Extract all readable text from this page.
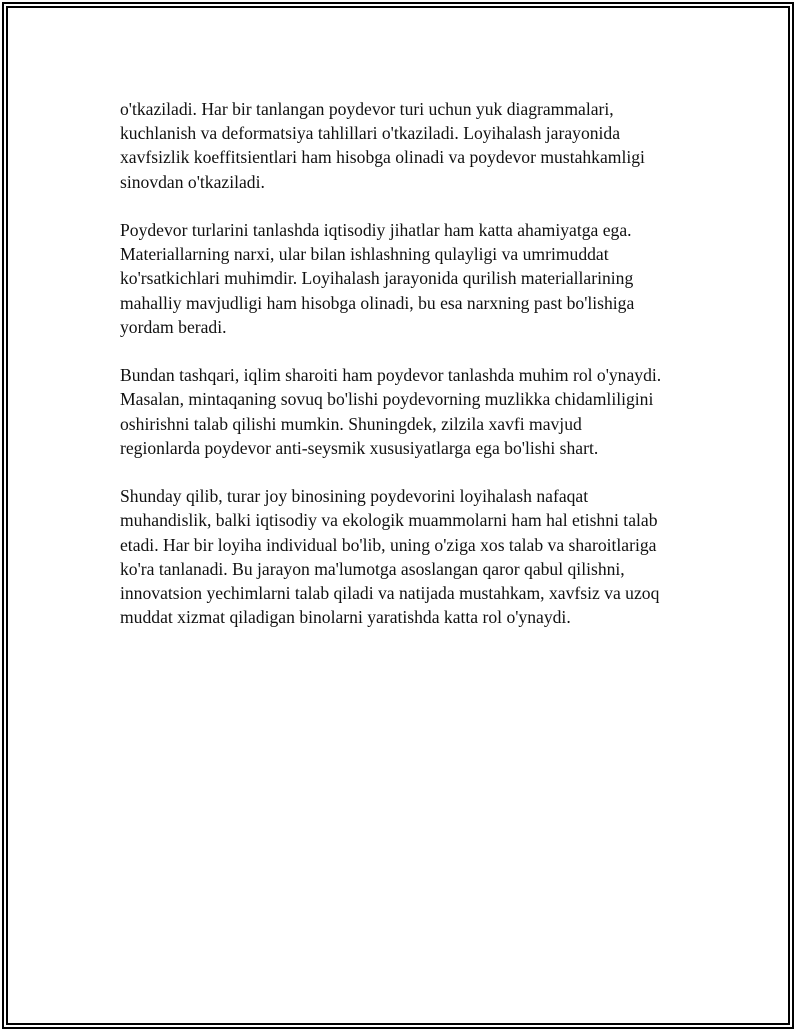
o'tkaziladi. Har bir tanlangan poydevor turi uchun yuk diagrammalari,
kuchlanish va deformatsiya tahlillari o'tkaziladi. Loyihalash jarayonida
xavfsizlik koeffitsientlari ham hisobga olinadi va poydevor mustahkamligi
sinovdan o'tkaziladi.

Poydevor turlarini tanlashda iqtisodiy jihatlar ham katta ahamiyatga ega.
Materiallarning narxi, ular bilan ishlashning qulayligi va umrimuddat
ko'rsatkichlari muhimdir. Loyihalash jarayonida qurilish materiallarining
mahalliy mavjudligi ham hisobga olinadi, bu esa narxning past bo'lishiga
yordam beradi.

Bundan tashqari, iqlim sharoiti ham poydevor tanlashda muhim rol o'ynaydi.
Masalan, mintaqaning sovuq bo'lishi poydevorning muzlikka chidamliligini
oshirishni talab qilishi mumkin. Shuningdek, zilzila xavfi mavjud
regionlarda poydevor anti-seysmik xususiyatlarga ega bo'lishi shart.

Shunday qilib, turar joy binosining poydevorini loyihalash nafaqat
muhandislik, balki iqtisodiy va ekologik muammolarni ham hal etishni talab
etadi. Har bir loyiha individual bo'lib, uning o'ziga xos talab va sharoitlariga
ko'ra tanlanadi. Bu jarayon ma'lumotga asoslangan qaror qabul qilishni,
innovatsion yechimlarni talab qiladi va natijada mustahkam, xavfsiz va uzoq
muddat xizmat qiladigan binolarni yaratishda katta rol o'ynaydi.
